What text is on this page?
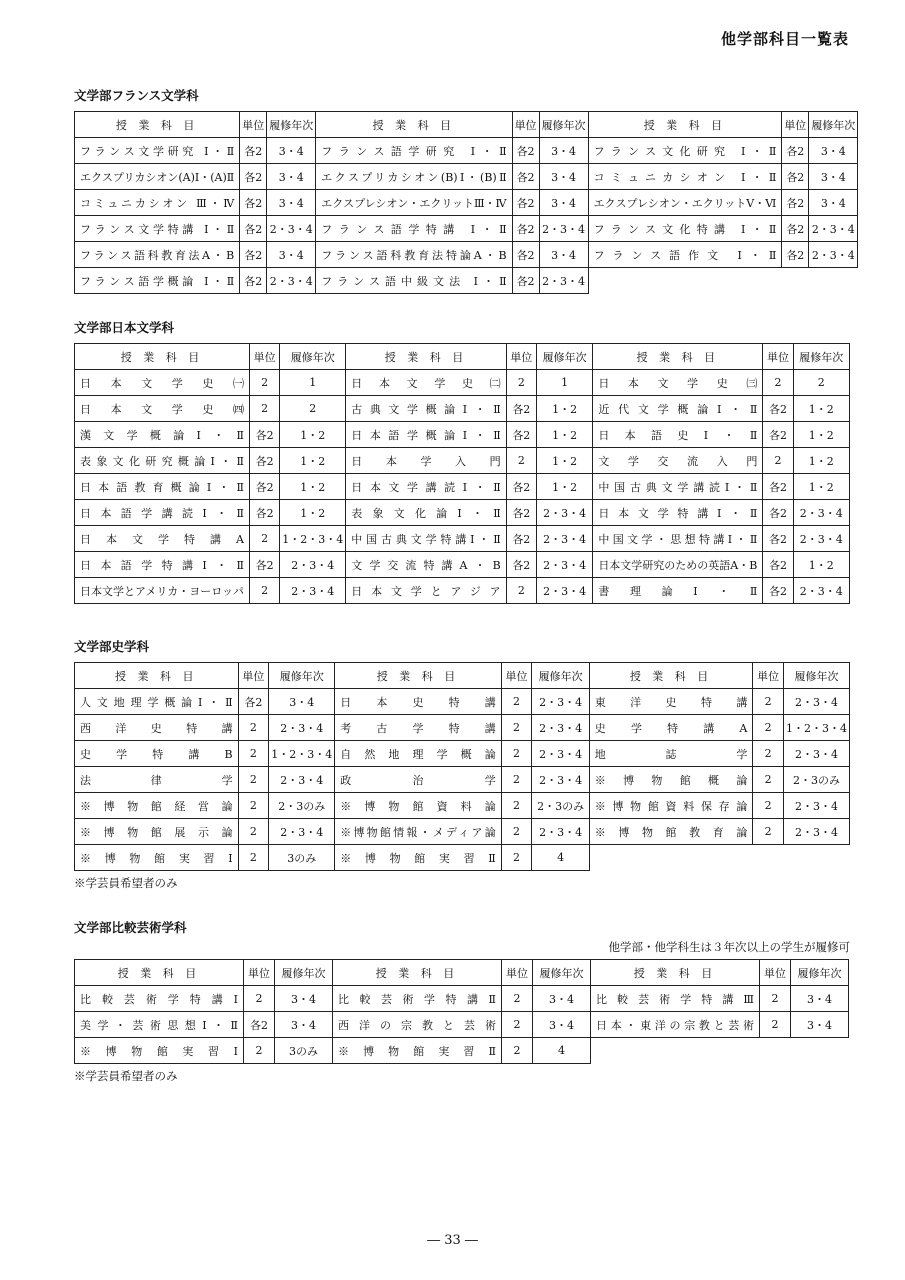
他学部科目一覧表
文学部フランス文学科
授 業 科 目	単位	履修年次	授 業 科 目	単位	履修年次	授 業 科 目	単位	履修年次
フランス文学研究 Ⅰ・Ⅱ	各2	3・4	フランス語学研究 Ⅰ・Ⅱ	各2	3・4	フランス文化研究 Ⅰ・Ⅱ	各2	3・4
エクスプリカシオン(A)Ⅰ・(A)Ⅱ	各2	3・4	エクスプリカシオン(B)Ⅰ・(B)Ⅱ	各2	3・4	コミュニカシオン Ⅰ・Ⅱ	各2	3・4
コミュニカシオン Ⅲ・Ⅳ	各2	3・4	エクスプレシオン・エクリットⅢ・Ⅳ	各2	3・4	エクスプレシオン・エクリットⅤ・Ⅵ	各2	3・4
フランス文学特講 Ⅰ・Ⅱ	各2	2・3・4	フランス語学特講 Ⅰ・Ⅱ	各2	2・3・4	フランス文化特講 Ⅰ・Ⅱ	各2	2・3・4
フランス語科教育法A・B	各2	3・4	フランス語科教育法特論A・B	各2	3・4	フランス語作文 Ⅰ・Ⅱ	各2	2・3・4
フランス語学概論 Ⅰ・Ⅱ	各2	2・3・4	フランス語中級文法 Ⅰ・Ⅱ	各2	2・3・4			
文学部日本文学科
授 業 科 目	単位	履修年次	授 業 科 目	単位	履修年次	授 業 科 目	単位	履修年次
日本文学史㈠	2	1	日本文学史㈡	2	1	日本文学史㈢	2	2
日本文学史㈣	2	2	古典文学概論Ⅰ・Ⅱ	各2	1・2	近代文学概論Ⅰ・Ⅱ	各2	1・2
漢文学概論Ⅰ・Ⅱ	各2	1・2	日本語学概論Ⅰ・Ⅱ	各2	1・2	日本語史Ⅰ・Ⅱ	各2	1・2
表象文化研究概論Ⅰ・Ⅱ	各2	1・2	日本学入門	2	1・2	文学交流入門	2	1・2
日本語教育概論Ⅰ・Ⅱ	各2	1・2	日本文学講読Ⅰ・Ⅱ	各2	1・2	中国古典文学講読Ⅰ・Ⅱ	各2	1・2
日本語学講読Ⅰ・Ⅱ	各2	1・2	表象文化論Ⅰ・Ⅱ	各2	2・3・4	日本文学特講Ⅰ・Ⅱ	各2	2・3・4
日本文学特講A	2	1・2・3・4	中国古典文学特講Ⅰ・Ⅱ	各2	2・3・4	中国文学・思想特講Ⅰ・Ⅱ	各2	2・3・4
日本語学特講Ⅰ・Ⅱ	各2	2・3・4	文学交流特講A・B	各2	2・3・4	日本文学研究のための英語A・B	各2	1・2
日本文学とアメリカ・ヨーロッパ	2	2・3・4	日本文学とアジア	2	2・3・4	書理論Ⅰ・Ⅱ	各2	2・3・4
文学部史学科
授 業 科 目	単位	履修年次	授 業 科 目	単位	履修年次	授 業 科 目	単位	履修年次
人文地理学概論Ⅰ・Ⅱ	各2	3・4	日本史特講	2	2・3・4	東洋史特講	2	2・3・4
西洋史特講	2	2・3・4	考古学特講	2	2・3・4	史学特講A	2	1・2・3・4
史学特講B	2	1・2・3・4	自然地理学概論	2	2・3・4	地誌学	2	2・3・4
法律学	2	2・3・4	政治学	2	2・3・4	※博物館概論	2	2・3のみ
※博物館経営論	2	2・3のみ	※博物館資料論	2	2・3のみ	※博物館資料保存論	2	2・3・4
※博物館展示論	2	2・3・4	※博物館情報・メディア論	2	2・3・4	※博物館教育論	2	2・3・4
※博物館実習Ⅰ	2	3のみ	※博物館実習Ⅱ	2	4			
※学芸員希望者のみ
文学部比較芸術学科
他学部・他学科生は３年次以上の学生が履修可
授 業 科 目	単位	履修年次	授 業 科 目	単位	履修年次	授 業 科 目	単位	履修年次
比較芸術学特講Ⅰ	2	3・4	比較芸術学特講Ⅱ	2	3・4	比較芸術学特講Ⅲ	2	3・4
美学・芸術思想Ⅰ・Ⅱ	各2	3・4	西洋の宗教と芸術	2	3・4	日本・東洋の宗教と芸術	2	3・4
※博物館実習Ⅰ	2	3のみ	※博物館実習Ⅱ	2	4			
※学芸員希望者のみ
― 33 ―
